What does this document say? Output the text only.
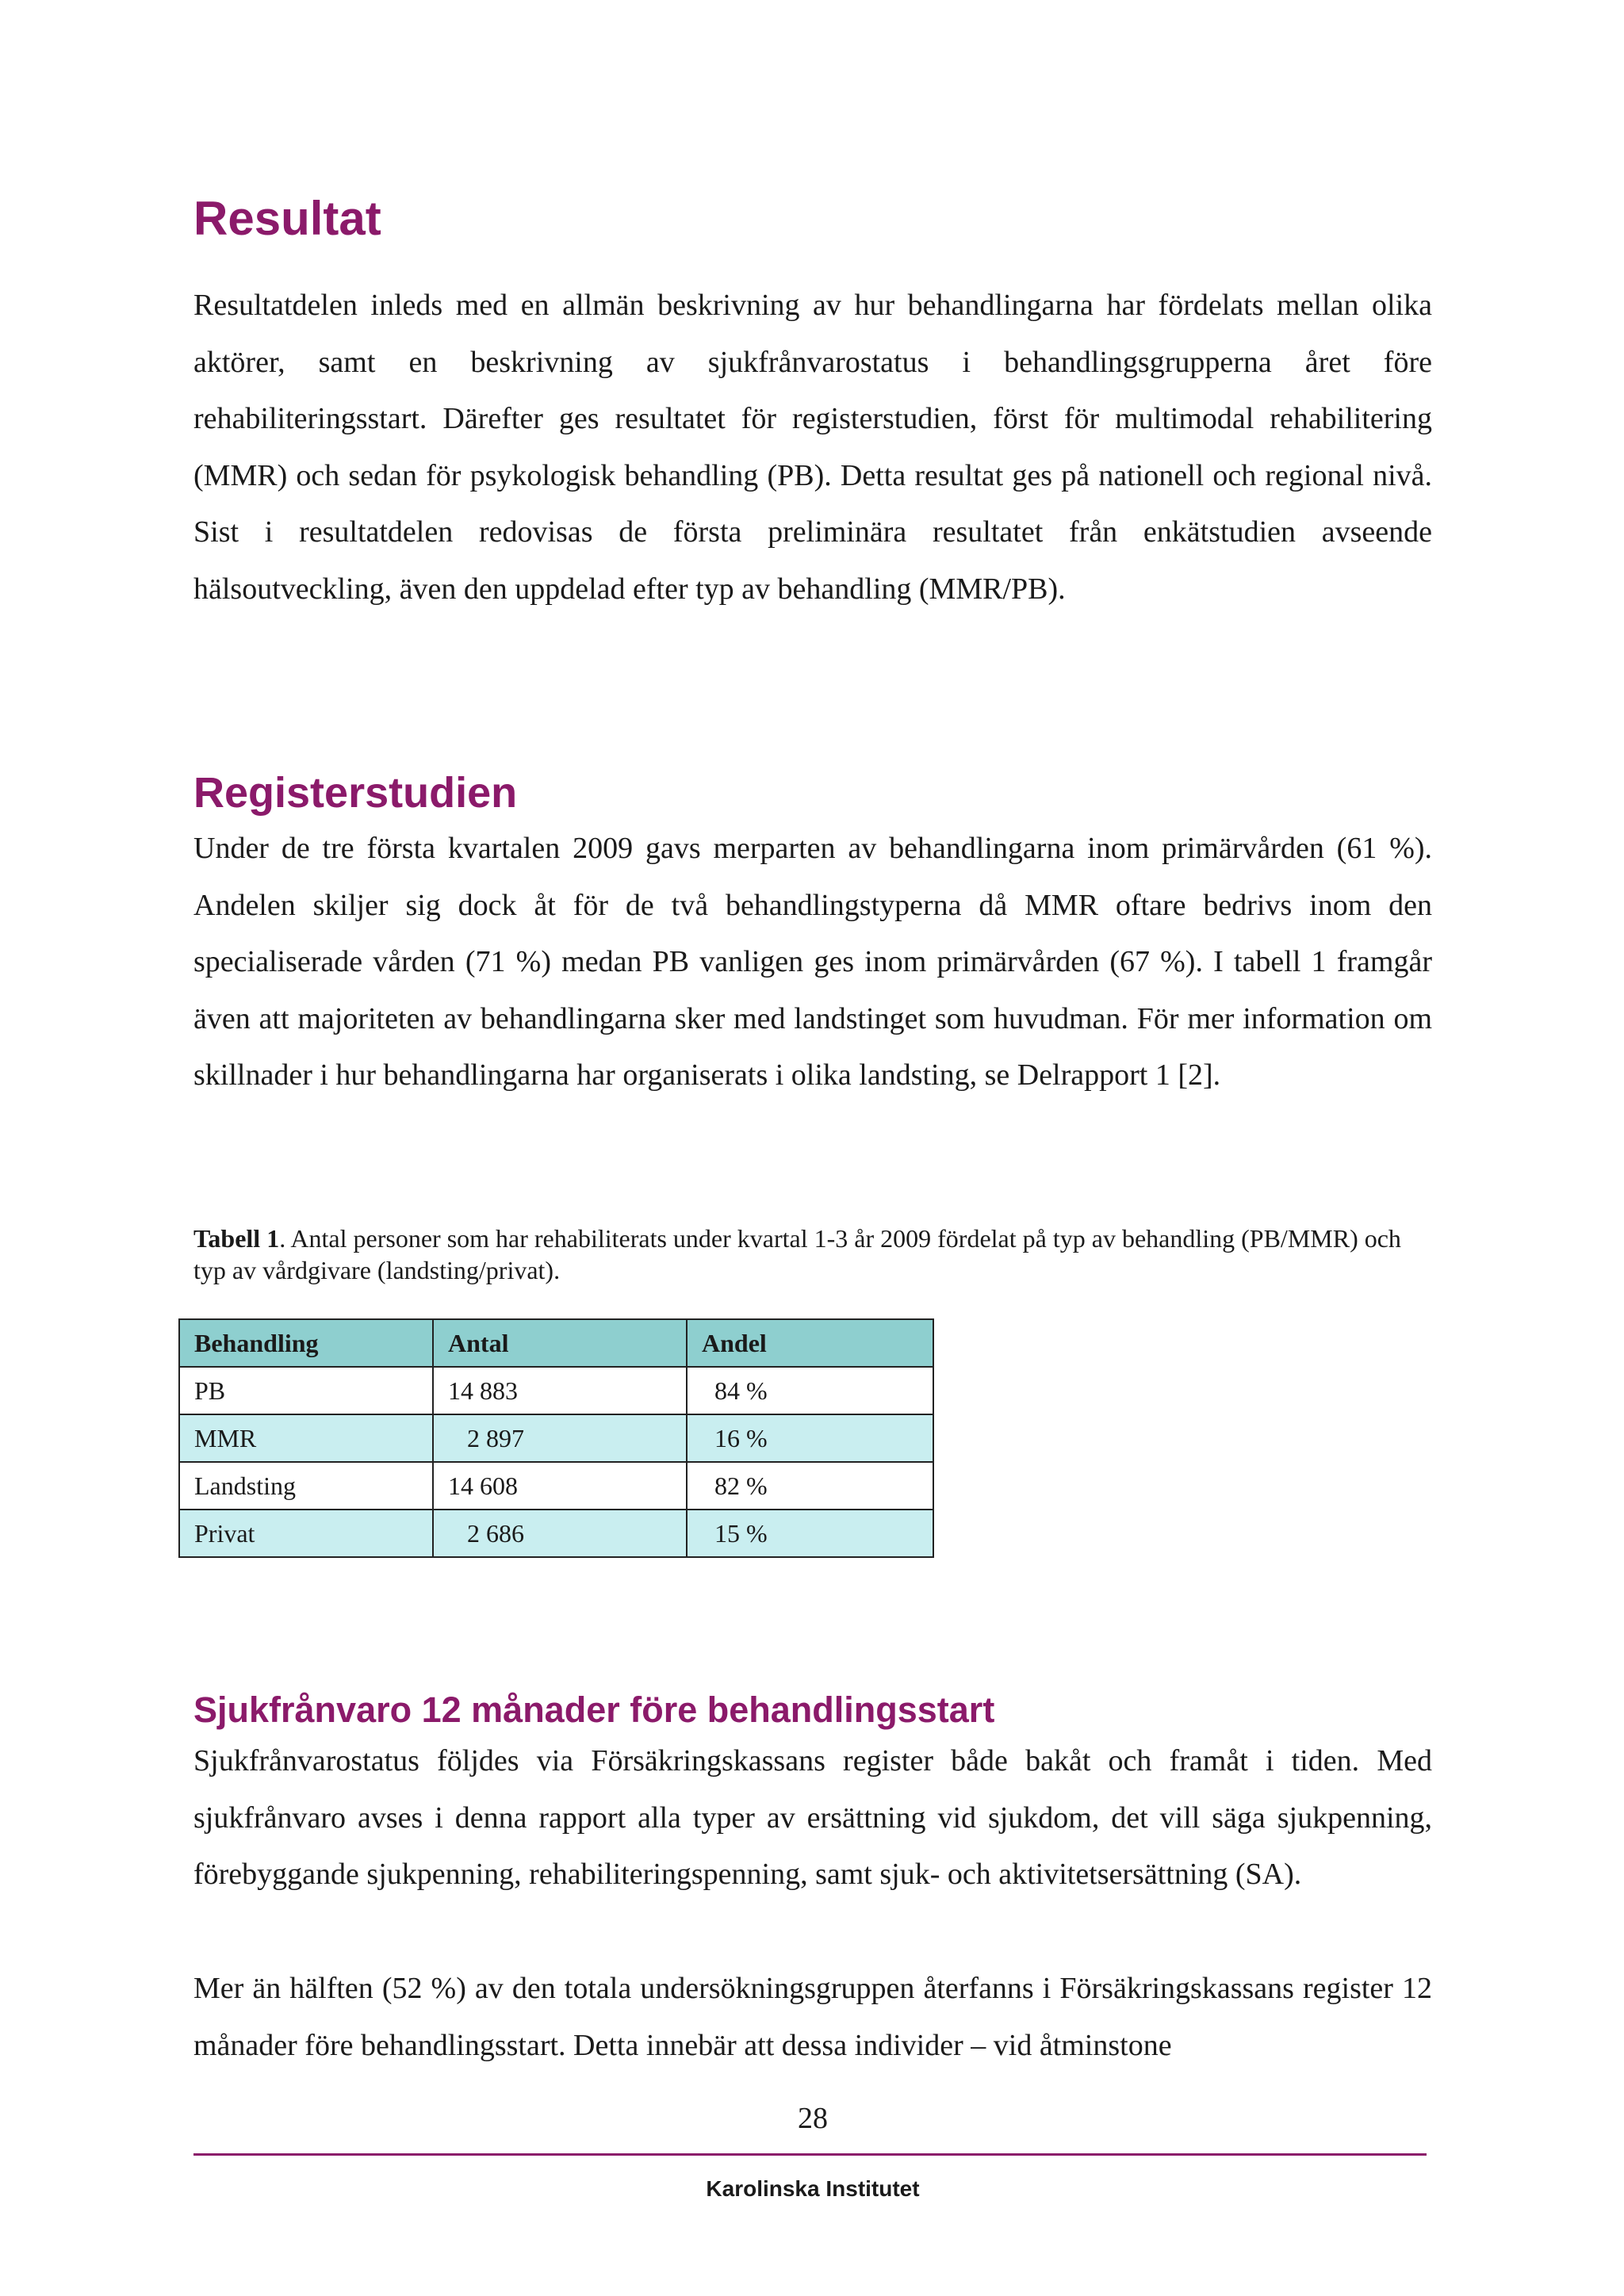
Resultat

Resultatdelen inleds med en allmän beskrivning av hur behandlingarna har fördelats mellan olika aktörer, samt en beskrivning av sjukfrånvarostatus i behandlingsgrupperna året före rehabiliteringsstart. Därefter ges resultatet för registerstudien, först för multimodal rehabilitering (MMR) och sedan för psykologisk behandling (PB). Detta resultat ges på nationell och regional nivå. Sist i resultatdelen redovisas de första preliminära resultatet från enkätstudien avseende hälsoutveckling, även den uppdelad efter typ av behandling (MMR/PB).

Registerstudien

Under de tre första kvartalen 2009 gavs merparten av behandlingarna inom primärvården (61 %). Andelen skiljer sig dock åt för de två behandlingstyperna då MMR oftare bedrivs inom den specialiserade vården (71 %) medan PB vanligen ges inom primärvården (67 %). I tabell 1 framgår även att majoriteten av behandlingarna sker med landstinget som huvudman. För mer information om skillnader i hur behandlingarna har organiserats i olika landsting, se Delrapport 1 [2].

Tabell 1. Antal personer som har rehabiliterats under kvartal 1-3 år 2009 fördelat på typ av behandling (PB/MMR) och typ av vårdgivare (landsting/privat).

Behandling	Antal	Andel
PB	14 883	84 %
MMR	2 897	16 %
Landsting	14 608	82 %
Privat	2 686	15 %
Sjukfrånvaro 12 månader före behandlingsstart

Sjukfrånvarostatus följdes via Försäkringskassans register både bakåt och framåt i tiden. Med sjukfrånvaro avses i denna rapport alla typer av ersättning vid sjukdom, det vill säga sjukpenning, förebyggande sjukpenning, rehabiliteringspenning, samt sjuk- och aktivitetsersättning (SA).

Mer än hälften (52 %) av den totala undersökningsgruppen återfanns i Försäkringskassans register 12 månader före behandlingsstart. Detta innebär att dessa individer – vid åtminstone

28
Karolinska Institutet
